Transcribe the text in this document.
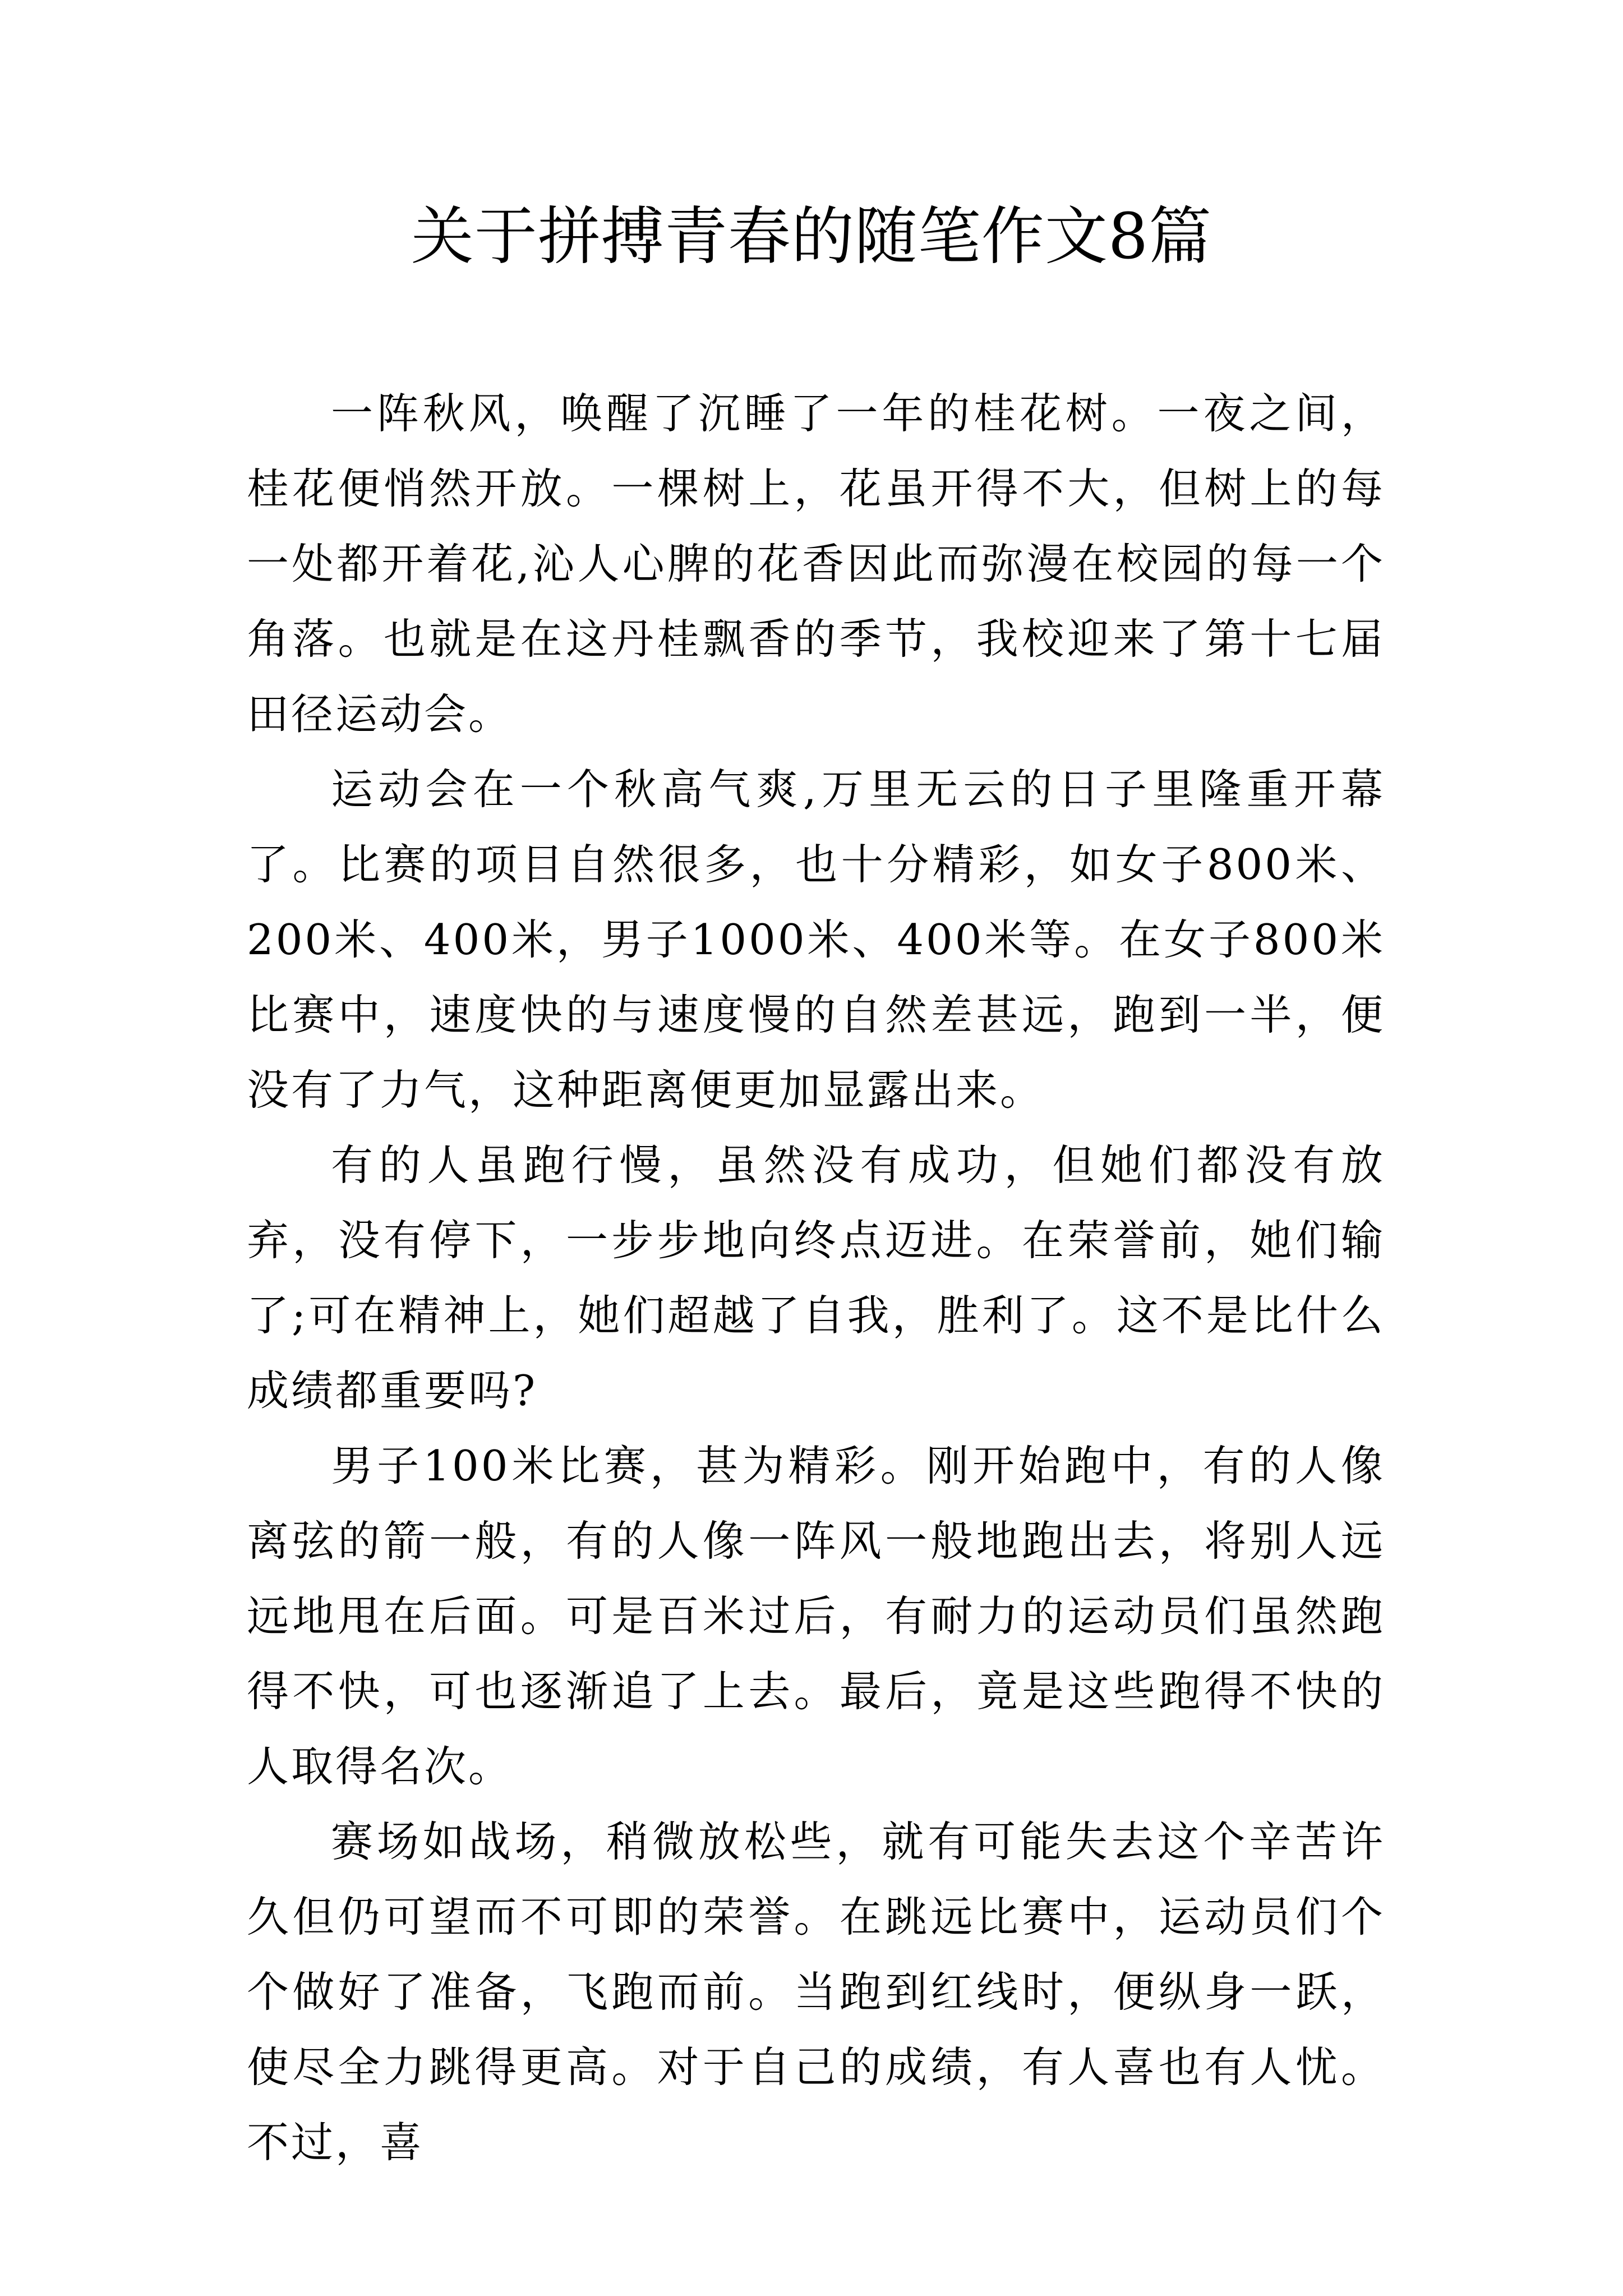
关于拼搏青春的随笔作文8篇

一阵秋风，唤醒了沉睡了一年的桂花树。一夜之间，桂花便悄然开放。一棵树上，花虽开得不大，但树上的每一处都开着花,沁人心脾的花香因此而弥漫在校园的每一个角落。也就是在这丹桂飘香的季节，我校迎来了第十七届田径运动会。

运动会在一个秋高气爽,万里无云的日子里隆重开幕了。比赛的项目自然很多，也十分精彩，如女子800米、200米、400米，男子1000米、400米等。在女子800米比赛中，速度快的与速度慢的自然差甚远，跑到一半，便没有了力气，这种距离便更加显露出来。

有的人虽跑行慢，虽然没有成功，但她们都没有放弃，没有停下，一步步地向终点迈进。在荣誉前，她们输了;可在精神上，她们超越了自我，胜利了。这不是比什么成绩都重要吗?

男子100米比赛，甚为精彩。刚开始跑中，有的人像离弦的箭一般，有的人像一阵风一般地跑出去，将别人远远地甩在后面。可是百米过后，有耐力的运动员们虽然跑得不快，可也逐渐追了上去。最后，竟是这些跑得不快的人取得名次。

赛场如战场，稍微放松些，就有可能失去这个辛苦许久但仍可望而不可即的荣誉。在跳远比赛中，运动员们个个做好了准备，飞跑而前。当跑到红线时，便纵身一跃，使尽全力跳得更高。对于自己的成绩，有人喜也有人忧。不过，喜
